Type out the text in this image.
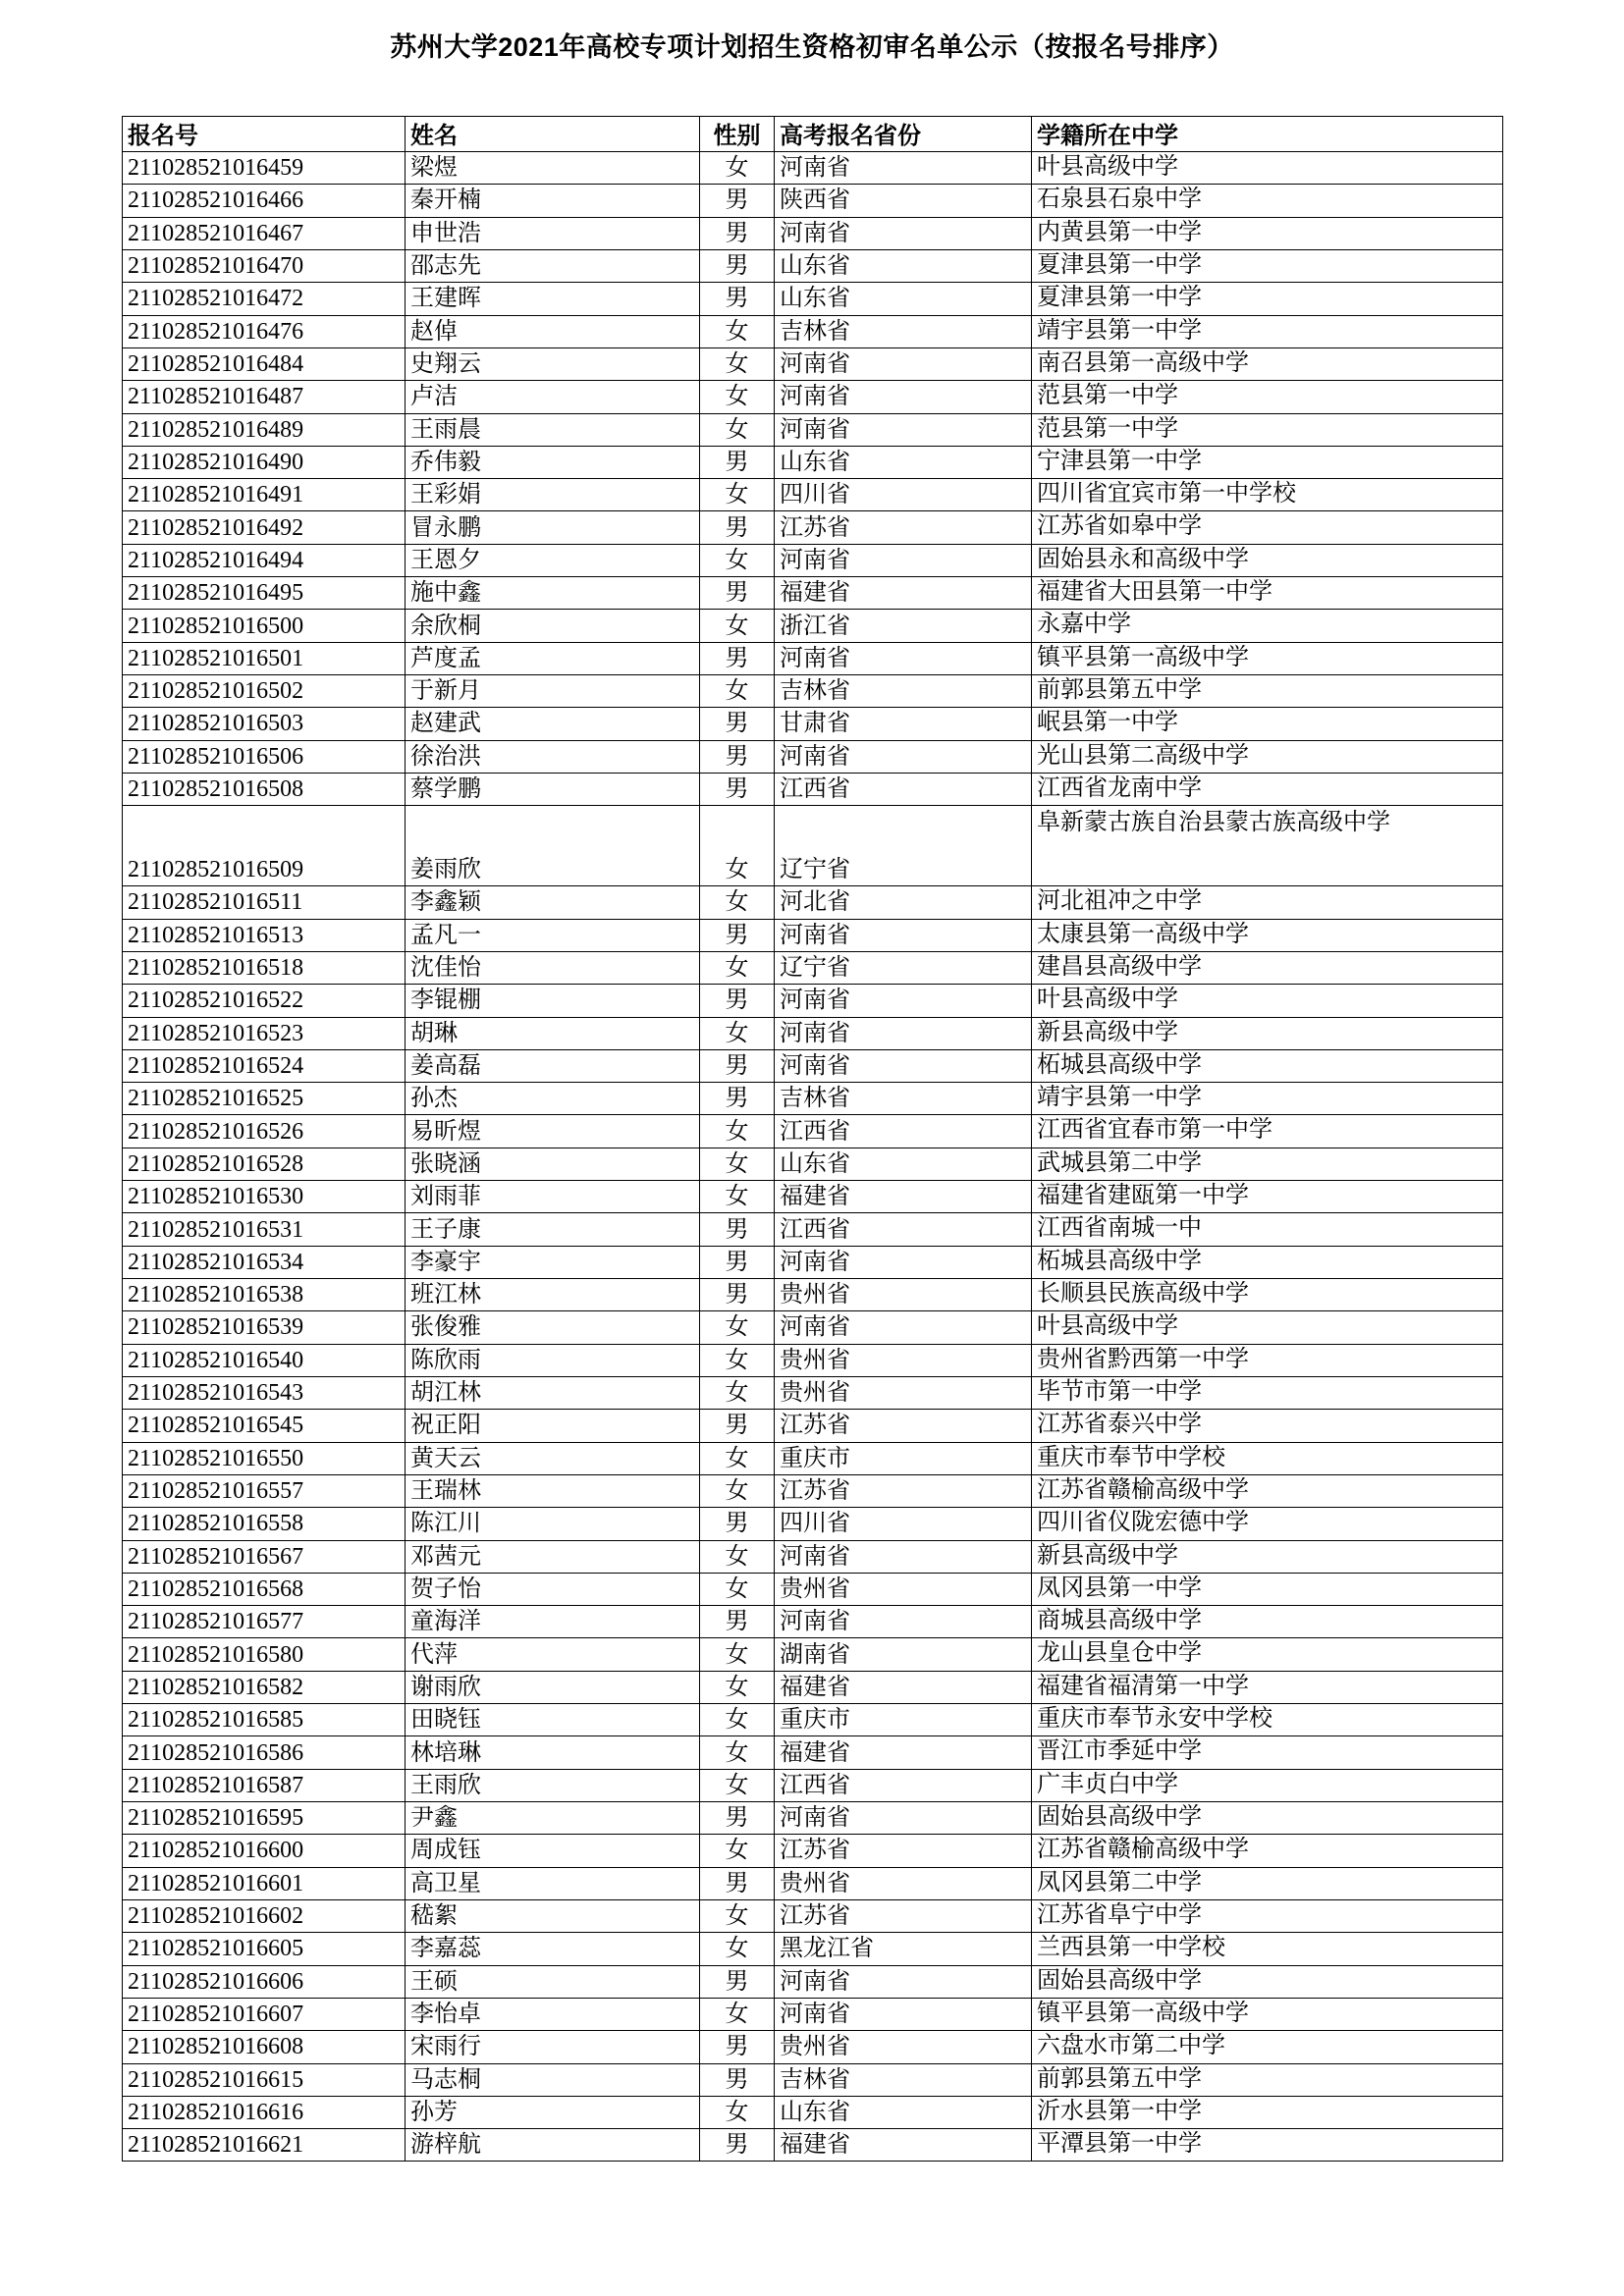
苏州大学2021年高校专项计划招生资格初审名单公示（按报名号排序）
报名号	姓名	性别	高考报名省份	学籍所在中学
211028521016459	梁煜	女	河南省	叶县高级中学
211028521016466	秦开楠	男	陕西省	石泉县石泉中学
211028521016467	申世浩	男	河南省	内黄县第一中学
211028521016470	邵志先	男	山东省	夏津县第一中学
211028521016472	王建晖	男	山东省	夏津县第一中学
211028521016476	赵倬	女	吉林省	靖宇县第一中学
211028521016484	史翔云	女	河南省	南召县第一高级中学
211028521016487	卢洁	女	河南省	范县第一中学
211028521016489	王雨晨	女	河南省	范县第一中学
211028521016490	乔伟毅	男	山东省	宁津县第一中学
211028521016491	王彩娟	女	四川省	四川省宜宾市第一中学校
211028521016492	冒永鹏	男	江苏省	江苏省如皋中学
211028521016494	王恩夕	女	河南省	固始县永和高级中学
211028521016495	施中鑫	男	福建省	福建省大田县第一中学
211028521016500	余欣桐	女	浙江省	永嘉中学
211028521016501	芦度孟	男	河南省	镇平县第一高级中学
211028521016502	于新月	女	吉林省	前郭县第五中学
211028521016503	赵建武	男	甘肃省	岷县第一中学
211028521016506	徐治洪	男	河南省	光山县第二高级中学
211028521016508	蔡学鹏	男	江西省	江西省龙南中学
211028521016509	姜雨欣	女	辽宁省	阜新蒙古族自治县蒙古族高级中学
211028521016511	李鑫颖	女	河北省	河北祖冲之中学
211028521016513	孟凡一	男	河南省	太康县第一高级中学
211028521016518	沈佳怡	女	辽宁省	建昌县高级中学
211028521016522	李锟棚	男	河南省	叶县高级中学
211028521016523	胡琳	女	河南省	新县高级中学
211028521016524	姜高磊	男	河南省	柘城县高级中学
211028521016525	孙杰	男	吉林省	靖宇县第一中学
211028521016526	易昕煜	女	江西省	江西省宜春市第一中学
211028521016528	张晓涵	女	山东省	武城县第二中学
211028521016530	刘雨菲	女	福建省	福建省建瓯第一中学
211028521016531	王子康	男	江西省	江西省南城一中
211028521016534	李豪宇	男	河南省	柘城县高级中学
211028521016538	班江林	男	贵州省	长顺县民族高级中学
211028521016539	张俊雅	女	河南省	叶县高级中学
211028521016540	陈欣雨	女	贵州省	贵州省黔西第一中学
211028521016543	胡江林	女	贵州省	毕节市第一中学
211028521016545	祝正阳	男	江苏省	江苏省泰兴中学
211028521016550	黄天云	女	重庆市	重庆市奉节中学校
211028521016557	王瑞林	女	江苏省	江苏省赣榆高级中学
211028521016558	陈江川	男	四川省	四川省仪陇宏德中学
211028521016567	邓茜元	女	河南省	新县高级中学
211028521016568	贺子怡	女	贵州省	凤冈县第一中学
211028521016577	童海洋	男	河南省	商城县高级中学
211028521016580	代萍	女	湖南省	龙山县皇仓中学
211028521016582	谢雨欣	女	福建省	福建省福清第一中学
211028521016585	田晓钰	女	重庆市	重庆市奉节永安中学校
211028521016586	林培琳	女	福建省	晋江市季延中学
211028521016587	王雨欣	女	江西省	广丰贞白中学
211028521016595	尹鑫	男	河南省	固始县高级中学
211028521016600	周成钰	女	江苏省	江苏省赣榆高级中学
211028521016601	高卫星	男	贵州省	凤冈县第二中学
211028521016602	嵇絮	女	江苏省	江苏省阜宁中学
211028521016605	李嘉蕊	女	黑龙江省	兰西县第一中学校
211028521016606	王硕	男	河南省	固始县高级中学
211028521016607	李怡卓	女	河南省	镇平县第一高级中学
211028521016608	宋雨行	男	贵州省	六盘水市第二中学
211028521016615	马志桐	男	吉林省	前郭县第五中学
211028521016616	孙芳	女	山东省	沂水县第一中学
211028521016621	游梓航	男	福建省	平潭县第一中学
